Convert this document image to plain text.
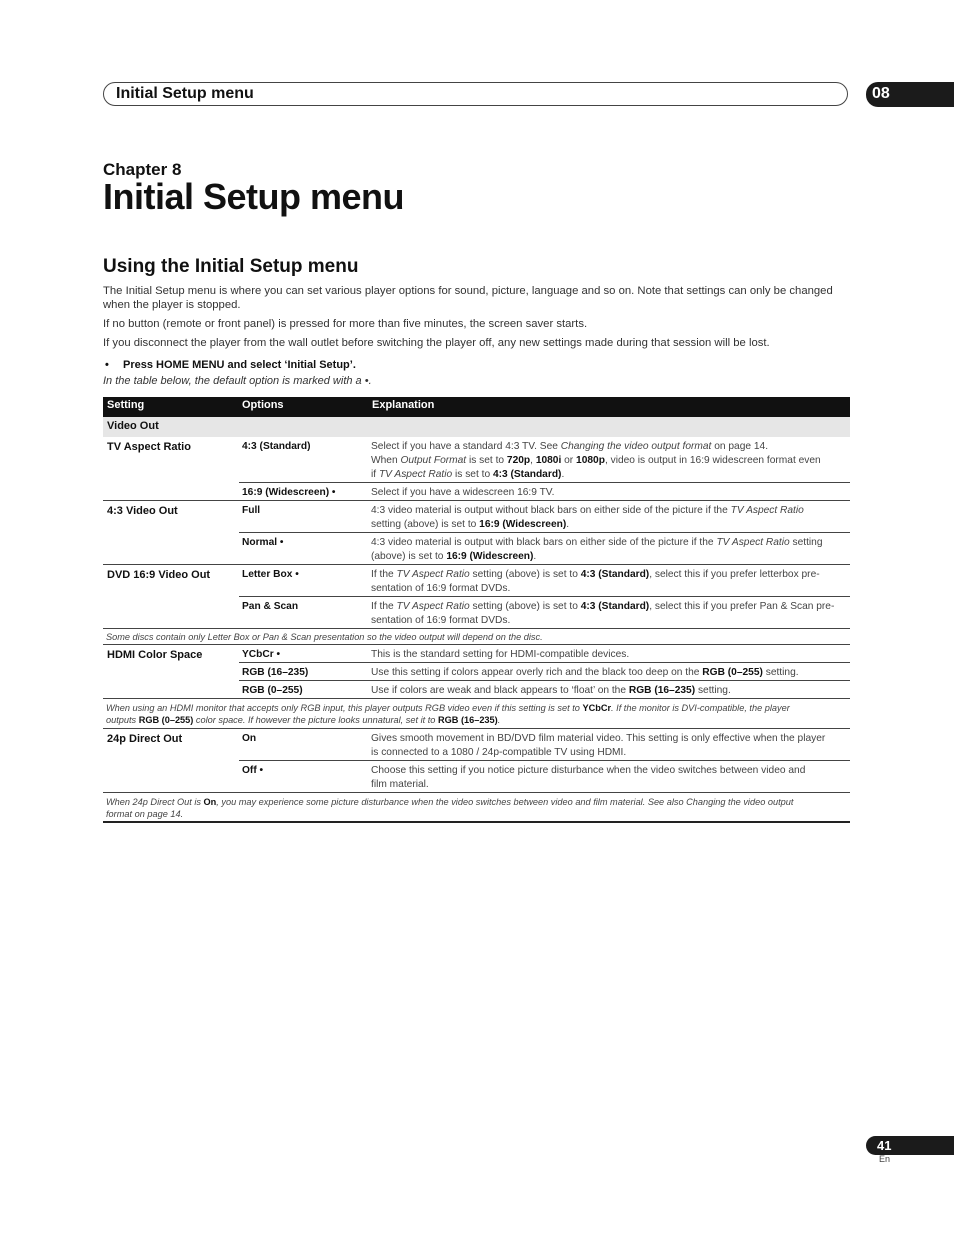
Initial Setup menu	08
Chapter 8
Initial Setup menu
Using the Initial Setup menu
The Initial Setup menu is where you can set various player options for sound, picture, language and so on. Note that settings can only be changed when the player is stopped.
If no button (remote or front panel) is pressed for more than five minutes, the screen saver starts.
If you disconnect the player from the wall outlet before switching the player off, any new settings made during that session will be lost.
• Press HOME MENU and select ‘Initial Setup’.
In the table below, the default option is marked with a •.
Setting	Options	Explanation
Video Out
TV Aspect Ratio	4:3 (Standard)	Select if you have a standard 4:3 TV. See Changing the video output format on page 14.
When Output Format is set to 720p, 1080i or 1080p, video is output in 16:9 widescreen format even
if TV Aspect Ratio is set to 4:3 (Standard).
16:9 (Widescreen) •	Select if you have a widescreen 16:9 TV.
4:3 Video Out	Full	4:3 video material is output without black bars on either side of the picture if the TV Aspect Ratio
setting (above) is set to 16:9 (Widescreen).
Normal •	4:3 video material is output with black bars on either side of the picture if the TV Aspect Ratio setting
(above) is set to 16:9 (Widescreen).
DVD 16:9 Video Out	Letter Box •	If the TV Aspect Ratio setting (above) is set to 4:3 (Standard), select this if you prefer letterbox pre-
sentation of 16:9 format DVDs.
Pan & Scan	If the TV Aspect Ratio setting (above) is set to 4:3 (Standard), select this if you prefer Pan & Scan pre-
sentation of 16:9 format DVDs.
Some discs contain only Letter Box or Pan & Scan presentation so the video output will depend on the disc.
HDMI Color Space	YCbCr •	This is the standard setting for HDMI-compatible devices.
RGB (16–235)	Use this setting if colors appear overly rich and the black too deep on the RGB (0–255) setting.
RGB (0–255)	Use if colors are weak and black appears to ‘float’ on the RGB (16–235) setting.
When using an HDMI monitor that accepts only RGB input, this player outputs RGB video even if this setting is set to YCbCr. If the monitor is DVI-compatible, the player
outputs RGB (0–255) color space. If however the picture looks unnatural, set it to RGB (16–235).
24p Direct Out	On	Gives smooth movement in BD/DVD film material video. This setting is only effective when the player
is connected to a 1080 / 24p-compatible TV using HDMI.
Off •	Choose this setting if you notice picture disturbance when the video switches between video and
film material.
When 24p Direct Out is On, you may experience some picture disturbance when the video switches between video and film material. See also Changing the video output
format on page 14.
41
En
